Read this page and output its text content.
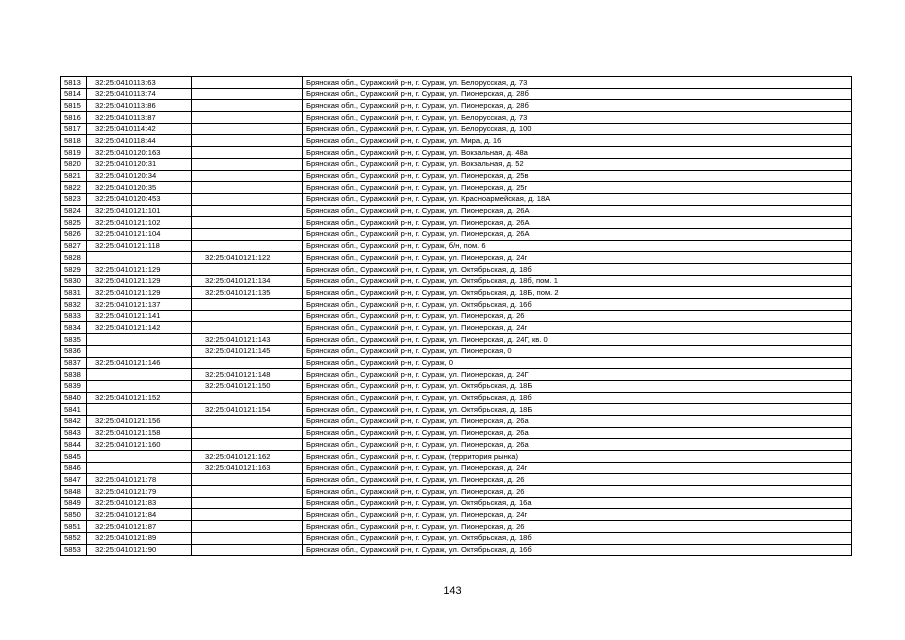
5813	32:25:0410113:63		Брянская обл., Суражский р-н, г. Сураж, ул. Белорусская, д. 73
5814	32:25:0410113:74		Брянская обл., Суражский р-н, г. Сураж, ул. Пионерская, д. 28б
5815	32:25:0410113:86		Брянская обл., Суражский р-н, г. Сураж, ул. Пионерская, д. 28б
5816	32:25:0410113:87		Брянская обл., Суражский р-н, г. Сураж, ул. Белорусская, д. 73
5817	32:25:0410114:42		Брянская обл., Суражский р-н, г. Сураж, ул. Белорусская, д. 100
5818	32:25:0410118:44		Брянская обл., Суражский р-н, г. Сураж, ул. Мира, д. 16
5819	32:25:0410120:163		Брянская обл., Суражский р-н, г. Сураж, ул. Вокзальная, д. 48а
5820	32:25:0410120:31		Брянская обл., Суражский р-н, г. Сураж, ул. Вокзальная, д. 52
5821	32:25:0410120:34		Брянская обл., Суражский р-н, г. Сураж, ул. Пионерская, д. 25в
5822	32:25:0410120:35		Брянская обл., Суражский р-н, г. Сураж, ул. Пионерская, д. 25г
5823	32:25:0410120:453		Брянская обл., Суражский р-н, г. Сураж, ул. Красноармейская, д. 18А
5824	32:25:0410121:101		Брянская обл., Суражский р-н, г. Сураж, ул. Пионерская, д. 26А
5825	32:25:0410121:102		Брянская обл., Суражский р-н, г. Сураж, ул. Пионерская, д. 26А
5826	32:25:0410121:104		Брянская обл., Суражский р-н, г. Сураж, ул. Пионерская, д. 26А
5827	32:25:0410121:118		Брянская обл., Суражский р-н, г. Сураж, б/н, пом. 6
5828		32:25:0410121:122	Брянская обл., Суражский р-н, г. Сураж, ул. Пионерская, д. 24г
5829	32:25:0410121:129		Брянская обл., Суражский р-н, г. Сураж, ул. Октябрьская, д. 18б
5830	32:25:0410121:129	32:25:0410121:134	Брянская обл., Суражский р-н, г. Сураж, ул. Октябрьская, д. 18б, пом. 1
5831	32:25:0410121:129	32:25:0410121:135	Брянская обл., Суражский р-н, г. Сураж, ул. Октябрьская, д. 18Б, пом. 2
5832	32:25:0410121:137		Брянская обл., Суражский р-н, г. Сураж, ул. Октябрьская, д. 16б
5833	32:25:0410121:141		Брянская обл., Суражский р-н, г. Сураж, ул. Пионерская, д. 26
5834	32:25:0410121:142		Брянская обл., Суражский р-н, г. Сураж, ул. Пионерская, д. 24г
5835		32:25:0410121:143	Брянская обл., Суражский р-н, г. Сураж, ул. Пионерская, д. 24Г, кв. 0
5836		32:25:0410121:145	Брянская обл., Суражский р-н, г. Сураж, ул. Пионерская, 0
5837	32:25:0410121:146		Брянская обл., Суражский р-н, г. Сураж, 0
5838		32:25:0410121:148	Брянская обл., Суражский р-н, г. Сураж, ул. Пионерская, д. 24Г
5839		32:25:0410121:150	Брянская обл., Суражский р-н, г. Сураж, ул. Октябрьская, д. 18Б
5840	32:25:0410121:152		Брянская обл., Суражский р-н, г. Сураж, ул. Октябрьская, д. 18б
5841		32:25:0410121:154	Брянская обл., Суражский р-н, г. Сураж, ул. Октябрьская, д. 18Б
5842	32:25:0410121:156		Брянская обл., Суражский р-н, г. Сураж, ул. Пионерская, д. 26а
5843	32:25:0410121:158		Брянская обл., Суражский р-н, г. Сураж, ул. Пионерская, д. 26а
5844	32:25:0410121:160		Брянская обл., Суражский р-н, г. Сураж, ул. Пионерская, д. 26а
5845		32:25:0410121:162	Брянская обл., Суражский р-н, г. Сураж, (территория рынка)
5846		32:25:0410121:163	Брянская обл., Суражский р-н, г. Сураж, ул. Пионерская, д. 24г
5847	32:25:0410121:78		Брянская обл., Суражский р-н, г. Сураж, ул. Пионерская, д. 26
5848	32:25:0410121:79		Брянская обл., Суражский р-н, г. Сураж, ул. Пионерская, д. 26
5849	32:25:0410121:83		Брянская обл., Суражский р-н, г. Сураж, ул. Октябрьская, д. 16а
5850	32:25:0410121:84		Брянская обл., Суражский р-н, г. Сураж, ул. Пионерская, д. 24г
5851	32:25:0410121:87		Брянская обл., Суражский р-н, г. Сураж, ул. Пионерская, д. 26
5852	32:25:0410121:89		Брянская обл., Суражский р-н, г. Сураж, ул. Октябрьская, д. 18б
5853	32:25:0410121:90		Брянская обл., Суражский р-н, г. Сураж, ул. Октябрьская, д. 16б
143
